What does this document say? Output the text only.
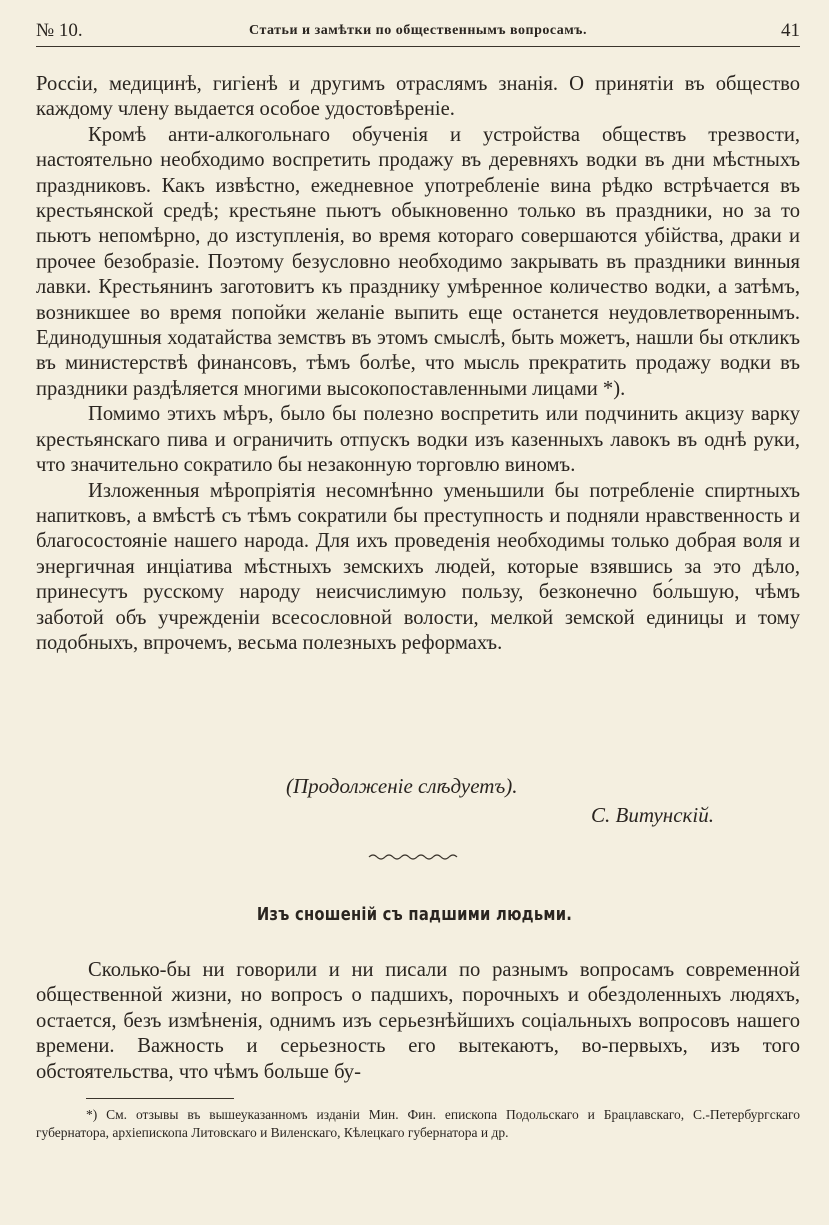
№ 10.	Статьи и замѣтки по общественнымъ вопросамъ.	41

Россіи, медицинѣ, гигіенѣ и другимъ отраслямъ знанія. О принятіи въ общество каждому члену выдается особое удостовѣреніе.

Кромѣ анти-алкогольнаго обученія и устройства обществъ трезвости, настоятельно необходимо воспретить продажу въ деревняхъ водки въ дни мѣстныхъ праздниковъ. Какъ извѣстно, ежедневное употребленіе вина рѣдко встрѣчается въ крестьянской средѣ; крестьяне пьютъ обыкновенно только въ праздники, но за то пьютъ непомѣрно, до изступленія, во время котораго совершаются убійства, драки и прочее безобразіе. Поэтому безусловно необходимо закрывать въ праздники винныя лавки. Крестьянинъ заготовитъ къ празднику умѣренное количество водки, а затѣмъ, возникшее во время попойки желаніе выпить еще останется неудовлетвореннымъ. Единодушныя ходатайства земствъ въ этомъ смыслѣ, быть можетъ, нашли бы откликъ въ министерствѣ финансовъ, тѣмъ болѣе, что мысль прекратить продажу водки въ праздники раздѣляется многими высокопоставленными лицами *).

Помимо этихъ мѣръ, было бы полезно воспретить или подчинить акцизу варку крестьянскаго пива и ограничить отпускъ водки изъ казенныхъ лавокъ въ однѣ руки, что значительно сократило бы незаконную торговлю виномъ.

Изложенныя мѣропріятія несомнѣнно уменьшили бы потребленіе спиртныхъ напитковъ, а вмѣстѣ съ тѣмъ сократили бы преступность и подняли нравственность и благосостояніе нашего народа. Для ихъ проведенія необходимы только добрая воля и энергичная инціатива мѣстныхъ земскихъ людей, которые взявшись за это дѣло, принесутъ русскому народу неисчислимую пользу, безконечно бо́льшую, чѣмъ заботой объ учрежденіи всесословной волости, мелкой земской единицы и тому подобныхъ, впрочемъ, весьма полезныхъ реформахъ.

(Продолженіе слѣдуетъ).
С. Витунскій.
Изъ сношеній съ падшими людьми.

Сколько-бы ни говорили и ни писали по разнымъ вопросамъ современной общественной жизни, но вопросъ о падшихъ, порочныхъ и обездоленныхъ людяхъ, остается, безъ измѣненія, однимъ изъ серьезнѣйшихъ соціальныхъ вопросовъ нашего времени. Важность и серьезность его вытекаютъ, во-первыхъ, изъ того обстоятельства, что чѣмъ больше бу-

*) См. отзывы въ вышеуказанномъ изданіи Мин. Фин. епископа Подольскаго и Брацлавскаго, С.-Петербургскаго губернатора, архіепископа Литовскаго и Виленскаго, Кѣлецкаго губернатора и др.
